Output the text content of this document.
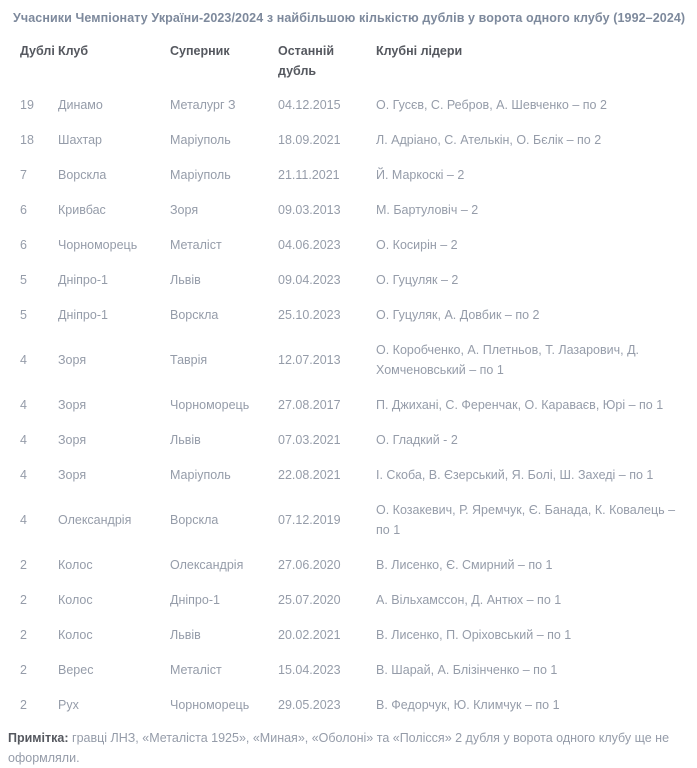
Учасники Чемпіонату України-2023/2024 з найбільшою кількістю дублів у ворота одного клубу (1992–2024)
Дублі	Клуб	Суперник	Останній дубль	Клубні лідери
19	Динамо	Металург З	04.12.2015	О. Гусєв, С. Ребров, А. Шевченко – по 2
18	Шахтар	Маріуполь	18.09.2021	Л. Адріано, С. Ателькін, О. Бєлік – по 2
7	Ворскла	Маріуполь	21.11.2021	Й. Маркоскі – 2
6	Кривбас	Зоря	09.03.2013	М. Бартуловіч – 2
6	Чорноморець	Металіст	04.06.2023	О. Косирін – 2
5	Дніпро-1	Львів	09.04.2023	О. Гуцуляк – 2
5	Дніпро-1	Ворскла	25.10.2023	О. Гуцуляк, А. Довбик – по 2
4	Зоря	Таврія	12.07.2013	О. Коробченко, А. Плетньов, Т. Лазарович, Д. Хомченовський – по 1
4	Зоря	Чорноморець	27.08.2017	П. Джихані, С. Ференчак, О. Караваєв, Юрі – по 1
4	Зоря	Львів	07.03.2021	О. Гладкий - 2
4	Зоря	Маріуполь	22.08.2021	І. Скоба, В. Єзерський, Я. Болі, Ш. Захеді – по 1
4	Олександрія	Ворскла	07.12.2019	О. Козакевич, Р. Яремчук, Є. Банада, К. Ковалець – по 1
2	Колос	Олександрія	27.06.2020	В. Лисенко, Є. Смирний – по 1
2	Колос	Дніпро-1	25.07.2020	А. Вільхамссон, Д. Антюх – по 1
2	Колос	Львів	20.02.2021	В. Лисенко, П. Оріховський – по 1
2	Верес	Металіст	15.04.2023	В. Шарай, А. Блізінченко – по 1
2	Рух	Чорноморець	29.05.2023	В. Федорчук, Ю. Климчук – по 1

Примітка: гравці ЛНЗ, «Металіста 1925», «Миная», «Оболоні» та «Полісся» 2 дубля у ворота одного клубу ще не оформляли.
